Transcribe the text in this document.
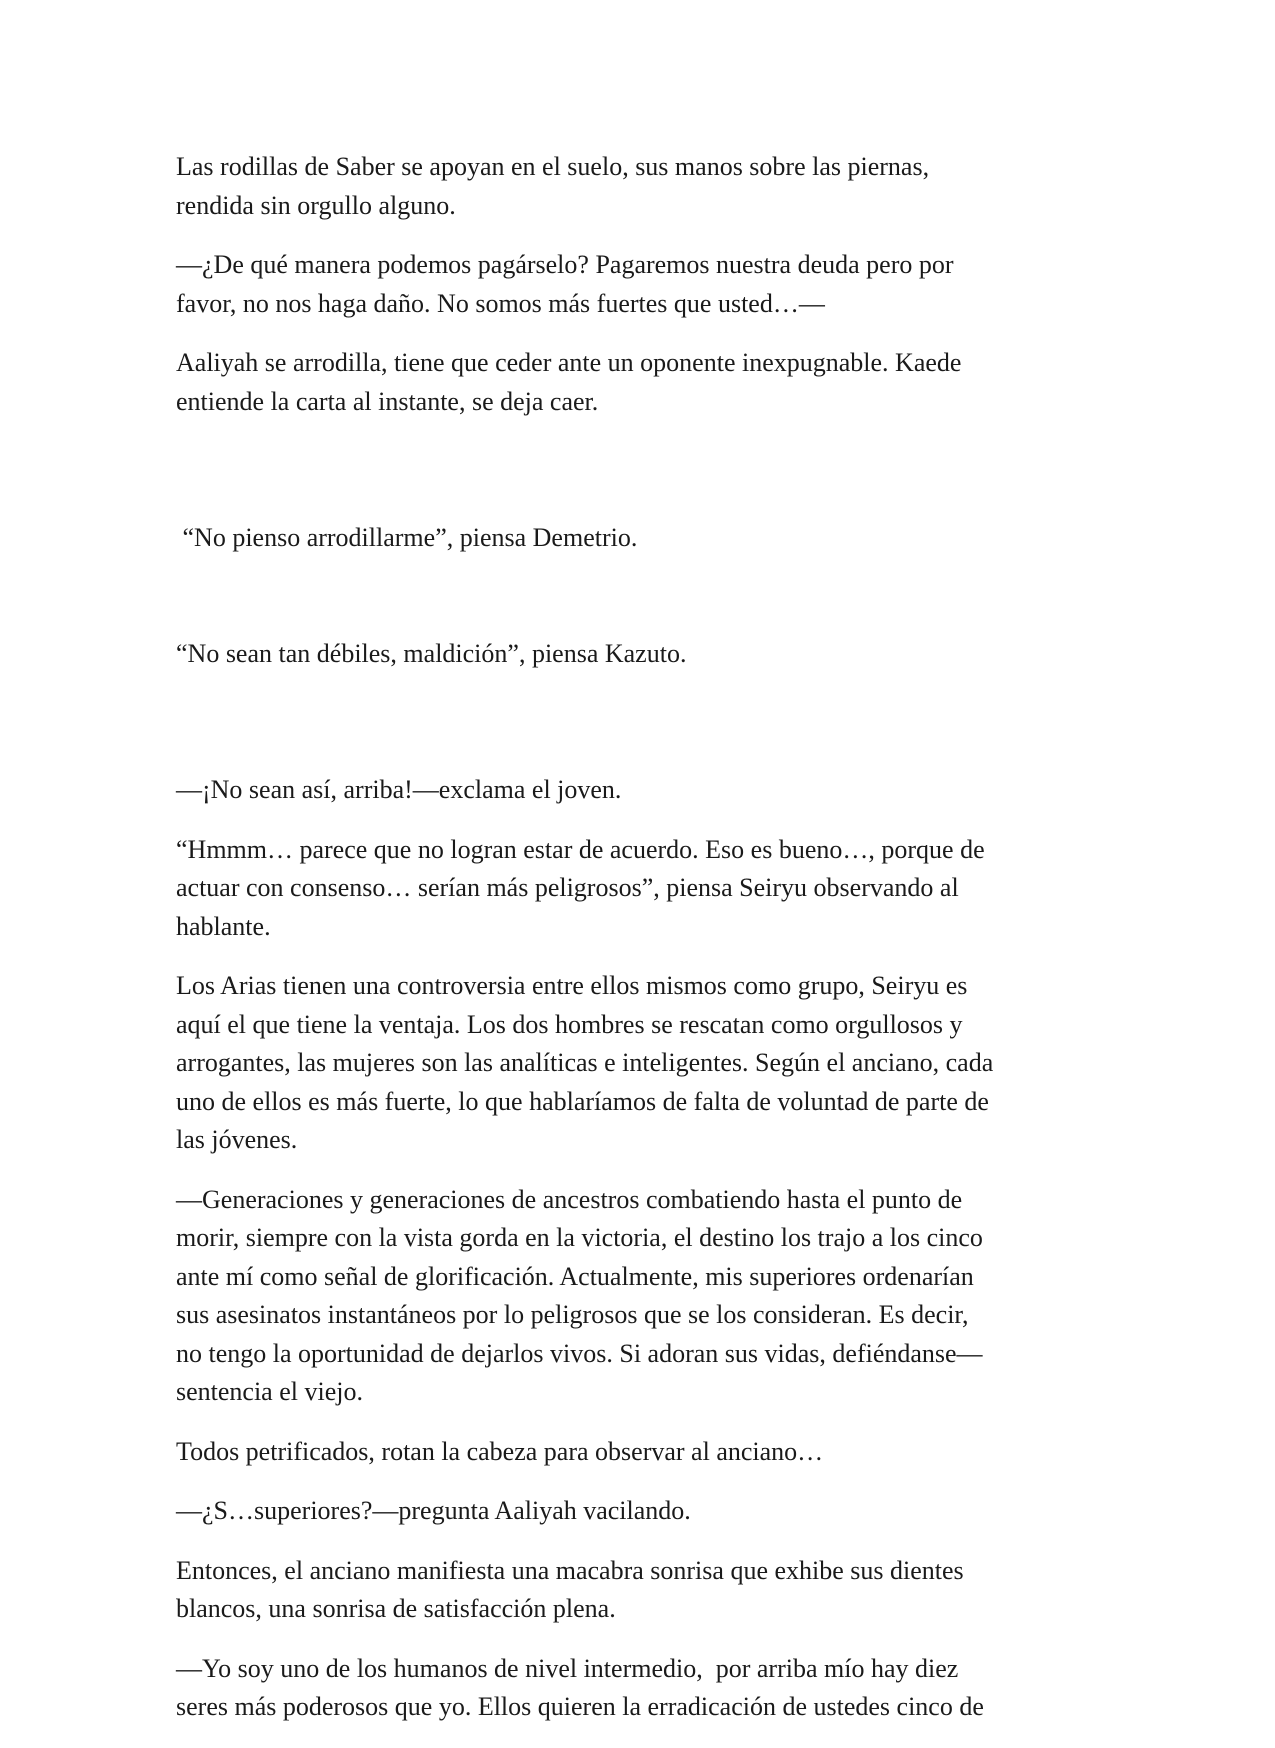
Las rodillas de Saber se apoyan en el suelo, sus manos sobre las piernas,
rendida sin orgullo alguno.

—¿De qué manera podemos pagárselo? Pagaremos nuestra deuda pero por
favor, no nos haga daño. No somos más fuertes que usted…—

Aaliyah se arrodilla, tiene que ceder ante un oponente inexpugnable. Kaede
entiende la carta al instante, se deja caer.

“No pienso arrodillarme”, piensa Demetrio.

“No sean tan débiles, maldición”, piensa Kazuto.

—¡No sean así, arriba!—exclama el joven.

“Hmmm… parece que no logran estar de acuerdo. Eso es bueno…, porque de
actuar con consenso… serían más peligrosos”, piensa Seiryu observando al
hablante.

Los Arias tienen una controversia entre ellos mismos como grupo, Seiryu es
aquí el que tiene la ventaja. Los dos hombres se rescatan como orgullosos y
arrogantes, las mujeres son las analíticas e inteligentes. Según el anciano, cada
uno de ellos es más fuerte, lo que hablaríamos de falta de voluntad de parte de
las jóvenes.

—Generaciones y generaciones de ancestros combatiendo hasta el punto de
morir, siempre con la vista gorda en la victoria, el destino los trajo a los cinco
ante mí como señal de glorificación. Actualmente, mis superiores ordenarían
sus asesinatos instantáneos por lo peligrosos que se los consideran. Es decir,
no tengo la oportunidad de dejarlos vivos. Si adoran sus vidas, defiéndanse—
sentencia el viejo.

Todos petrificados, rotan la cabeza para observar al anciano…

—¿S…superiores?—pregunta Aaliyah vacilando.

Entonces, el anciano manifiesta una macabra sonrisa que exhibe sus dientes
blancos, una sonrisa de satisfacción plena.

—Yo soy uno de los humanos de nivel intermedio,  por arriba mío hay diez
seres más poderosos que yo. Ellos quieren la erradicación de ustedes cinco de
